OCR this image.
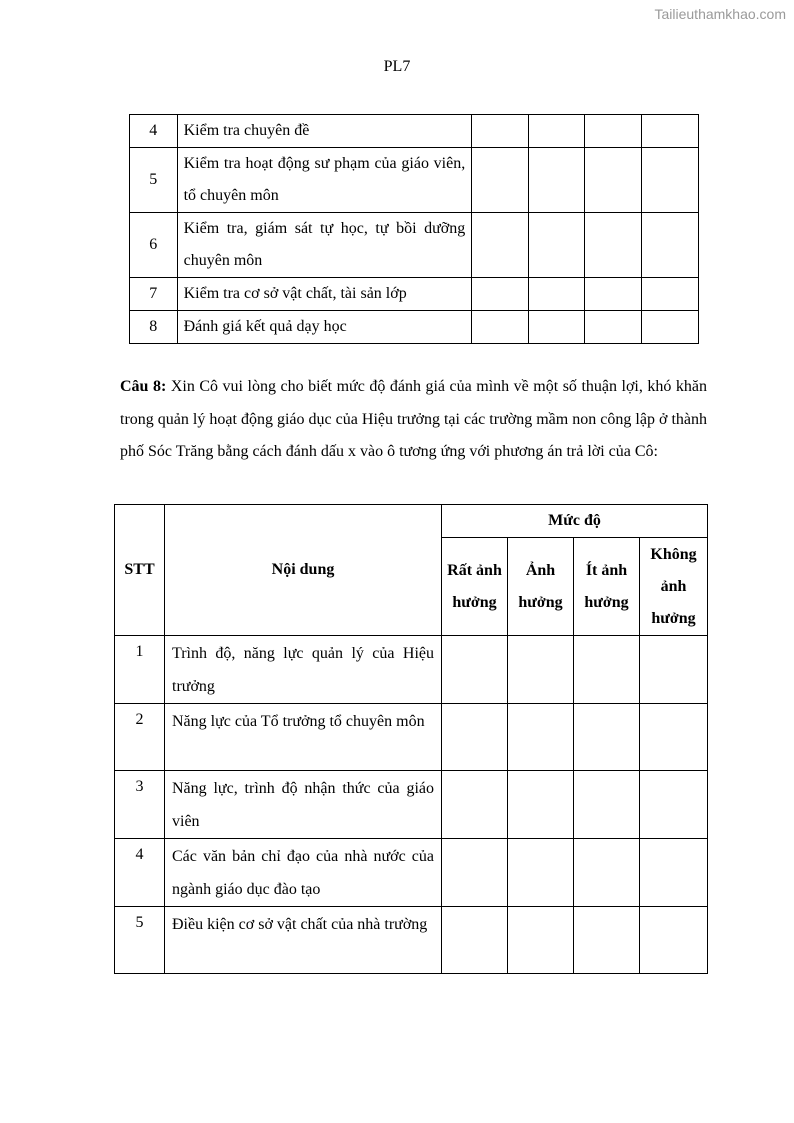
Tailieuthamkhao.com
PL7
4	Kiểm tra chuyên đề				
5	Kiểm tra hoạt động sư phạm của giáo viên, tổ chuyên môn				
6	Kiểm tra, giám sát tự học, tự bồi dưỡng chuyên môn				
7	Kiểm tra cơ sở vật chất, tài sản lớp				
8	Đánh giá kết quả dạy học				
Câu 8: Xin Cô vui lòng cho biết mức độ đánh giá của mình về một số thuận lợi, khó khăn trong quản lý hoạt động giáo dục của Hiệu trưởng tại các trường mầm non công lập ở thành phố Sóc Trăng bằng cách đánh dấu x vào ô tương ứng với phương án trả lời của Cô:
STT	Nội dung	Mức độ			
		Rất ảnh hưởng	Ảnh hưởng	Ít ảnh hưởng	Không ảnh hưởng
1	Trình độ, năng lực quản lý của Hiệu trưởng				
2	Năng lực của Tổ trưởng tổ chuyên môn				
3	Năng lực, trình độ nhận thức của giáo viên				
4	Các văn bản chỉ đạo của nhà nước của ngành giáo dục đào tạo				
5	Điều kiện cơ sở vật chất của nhà trường				
